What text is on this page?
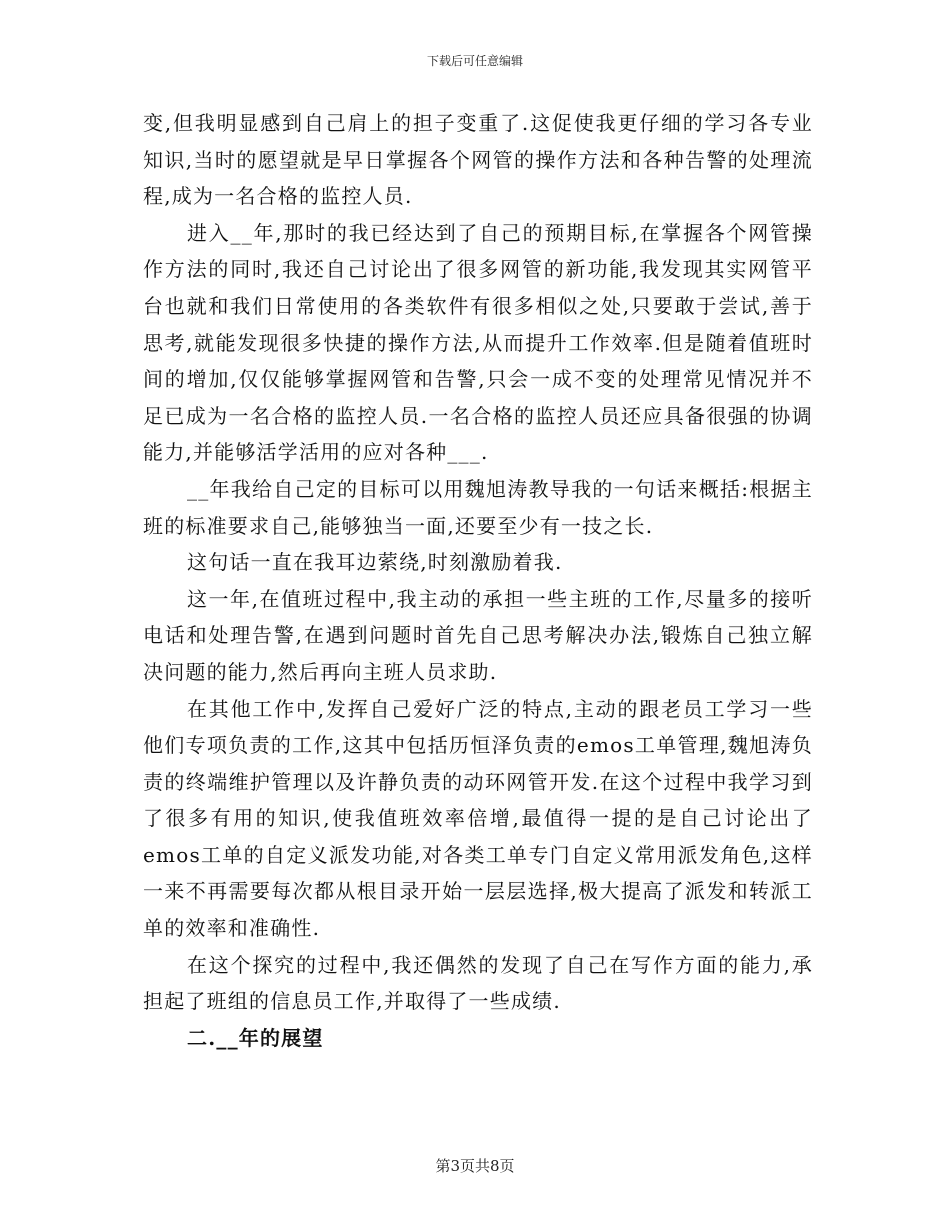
下载后可任意编辑

变,但我明显感到自己肩上的担子变重了.这促使我更仔细的学习各专业知识,当时的愿望就是早日掌握各个网管的操作方法和各种告警的处理流程,成为一名合格的监控人员.

进入__年,那时的我已经达到了自己的预期目标,在掌握各个网管操作方法的同时,我还自己讨论出了很多网管的新功能,我发现其实网管平台也就和我们日常使用的各类软件有很多相似之处,只要敢于尝试,善于思考,就能发现很多快捷的操作方法,从而提升工作效率.但是随着值班时间的增加,仅仅能够掌握网管和告警,只会一成不变的处理常见情况并不足已成为一名合格的监控人员.一名合格的监控人员还应具备很强的协调能力,并能够活学活用的应对各种___.

__年我给自己定的目标可以用魏旭涛教导我的一句话来概括:根据主班的标准要求自己,能够独当一面,还要至少有一技之长.

这句话一直在我耳边萦绕,时刻激励着我.

这一年,在值班过程中,我主动的承担一些主班的工作,尽量多的接听电话和处理告警,在遇到问题时首先自己思考解决办法,锻炼自己独立解决问题的能力,然后再向主班人员求助.

在其他工作中,发挥自己爱好广泛的特点,主动的跟老员工学习一些他们专项负责的工作,这其中包括历恒泽负责的emos工单管理,魏旭涛负责的终端维护管理以及许静负责的动环网管开发.在这个过程中我学习到了很多有用的知识,使我值班效率倍增,最值得一提的是自己讨论出了emos工单的自定义派发功能,对各类工单专门自定义常用派发角色,这样一来不再需要每次都从根目录开始一层层选择,极大提高了派发和转派工单的效率和准确性.

在这个探究的过程中,我还偶然的发现了自己在写作方面的能力,承担起了班组的信息员工作,并取得了一些成绩.

二.__年的展望

第3页共8页
